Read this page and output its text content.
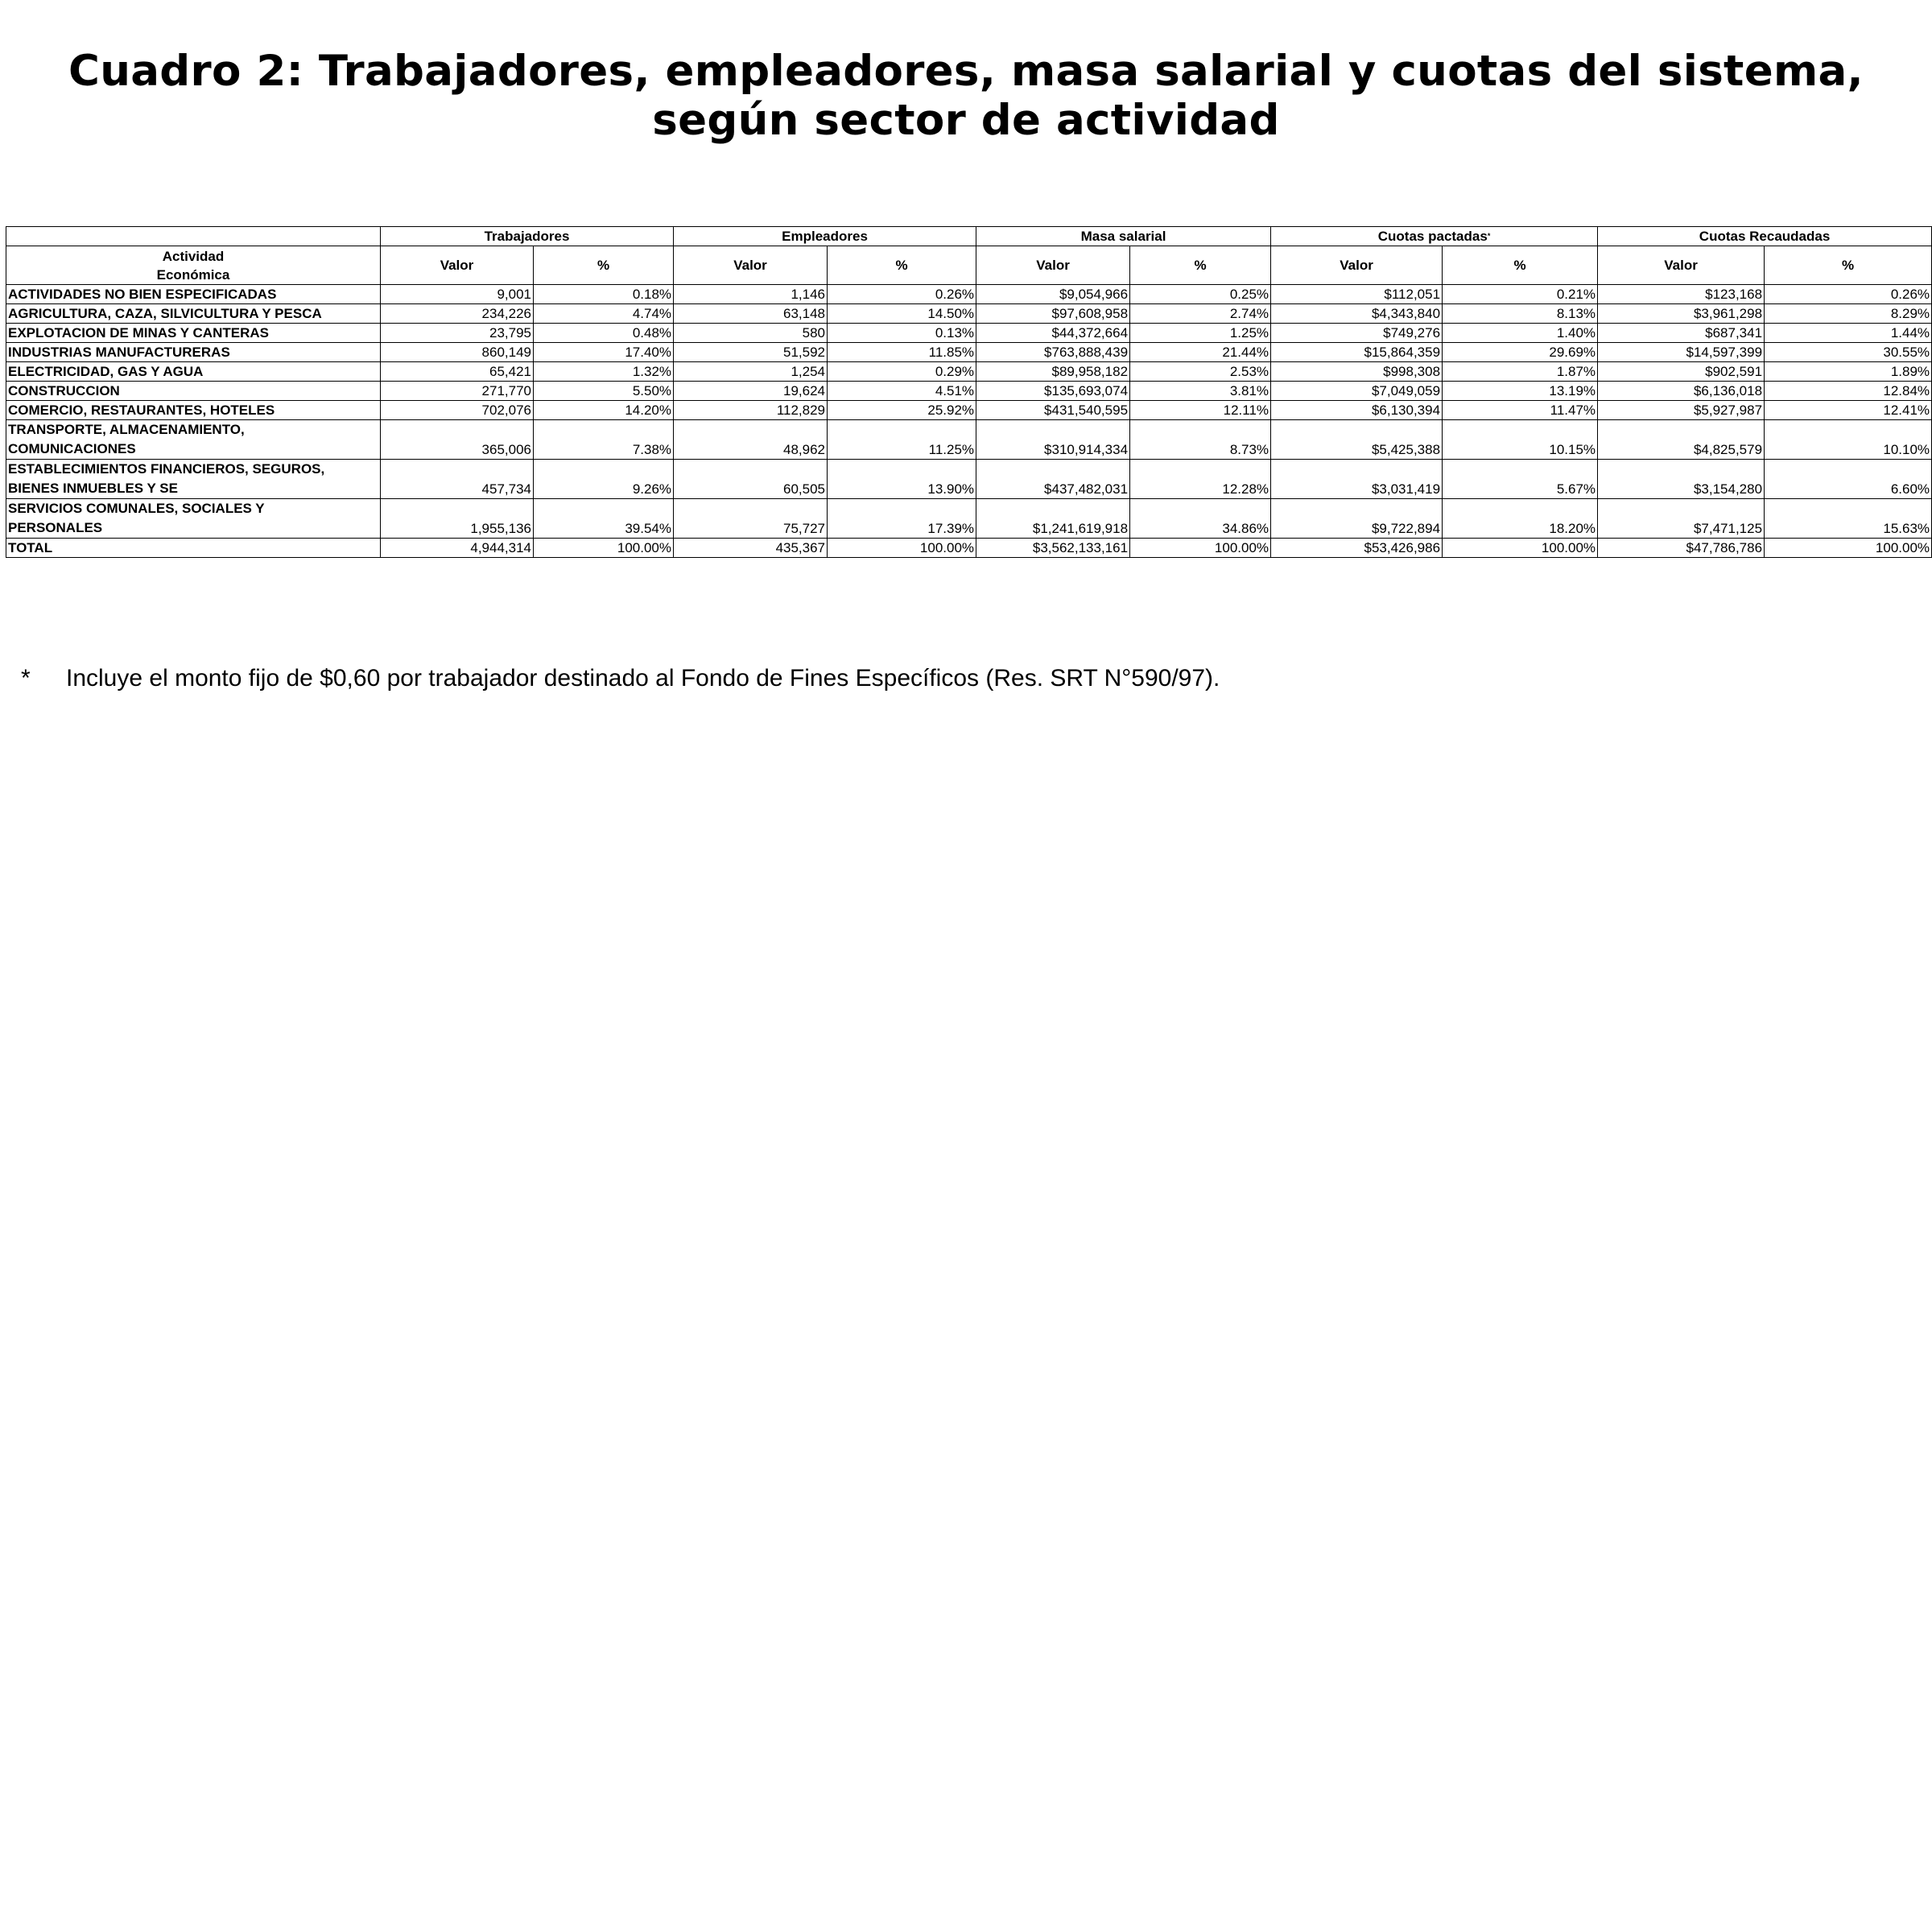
Cuadro 2: Trabajadores, empleadores, masa salarial y cuotas del sistema,
según sector de actividad
	Trabajadores		Empleadores		Masa salarial		Cuotas pactadas*		Cuotas Recaudadas	

Actividad
Económica	Valor	%	Valor	%	Valor	%	Valor	%	Valor	%
ACTIVIDADES NO BIEN ESPECIFICADAS	9,001	0.18%	1,146	0.26%	$9,054,966	0.25%	$112,051	0.21%	$123,168	0.26%
AGRICULTURA, CAZA, SILVICULTURA Y PESCA	234,226	4.74%	63,148	14.50%	$97,608,958	2.74%	$4,343,840	8.13%	$3,961,298	8.29%
EXPLOTACION DE MINAS Y CANTERAS	23,795	0.48%	580	0.13%	$44,372,664	1.25%	$749,276	1.40%	$687,341	1.44%
INDUSTRIAS MANUFACTURERAS	860,149	17.40%	51,592	11.85%	$763,888,439	21.44%	$15,864,359	29.69%	$14,597,399	30.55%
ELECTRICIDAD, GAS Y AGUA	65,421	1.32%	1,254	0.29%	$89,958,182	2.53%	$998,308	1.87%	$902,591	1.89%
CONSTRUCCION	271,770	5.50%	19,624	4.51%	$135,693,074	3.81%	$7,049,059	13.19%	$6,136,018	12.84%
COMERCIO, RESTAURANTES, HOTELES	702,076	14.20%	112,829	25.92%	$431,540,595	12.11%	$6,130,394	11.47%	$5,927,987	12.41%

TRANSPORTE, ALMACENAMIENTO,
COMUNICACIONES	365,006	7.38%	48,962	11.25%	$310,914,334	8.73%	$5,425,388	10.15%	$4,825,579	10.10%

ESTABLECIMIENTOS FINANCIEROS, SEGUROS,
BIENES INMUEBLES Y SE	457,734	9.26%	60,505	13.90%	$437,482,031	12.28%	$3,031,419	5.67%	$3,154,280	6.60%

SERVICIOS COMUNALES, SOCIALES Y
PERSONALES	1,955,136	39.54%	75,727	17.39%	$1,241,619,918	34.86%	$9,722,894	18.20%	$7,471,125	15.63%
TOTAL	4,944,314	100.00%	435,367	100.00%	$3,562,133,161	100.00%	$53,426,986	100.00%	$47,786,786	100.00%
* Incluye el monto fijo de $0,60 por trabajador destinado al Fondo de Fines Específicos (Res. SRT N°590/97).
